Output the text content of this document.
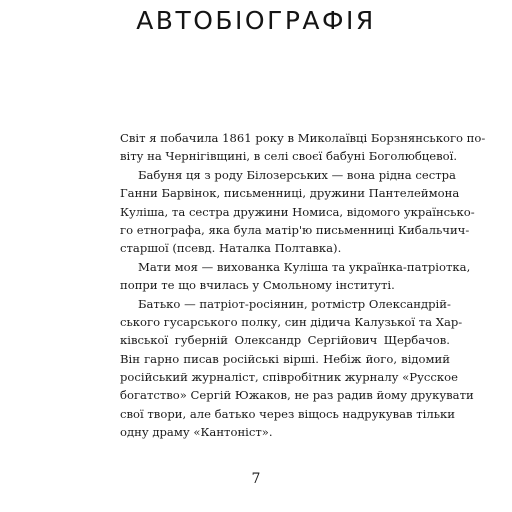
АВТОБІОГРАФІЯ
Світ я побачила 1861 року в Миколаївці Борзнянського по-
віту на Чернігівщині, в селі своєї бабуні Боголюбцевої.
Бабуня ця з роду Білозерських — вона рідна сестра
Ганни Барвінок, письменниці, дружини Пантелеймона
Куліша, та сестра дружини Номиса, відомого українсько-
го етнографа, яка була матір'ю письменниці Кибальчич-
старшої (псевд. Наталка Полтавка).
Мати моя — вихованка Куліша та українка-патріотка,
попри те що вчилась у Смольному інституті.
Батько — патріот-росіянин, ротмістр Олександрій-
ського гусарського полку, син дідича Калузької та Хар-
ківської губерній Олександр Сергійович Щербачов.
Він гарно писав російські вірші. Небіж його, відомий
російський журналіст, співробітник журналу «Русское
богатство» Сергій Южаков, не раз радив йому друкувати
свої твори, але батько через віщось надрукував тільки
одну драму «Кантоніст».
7
